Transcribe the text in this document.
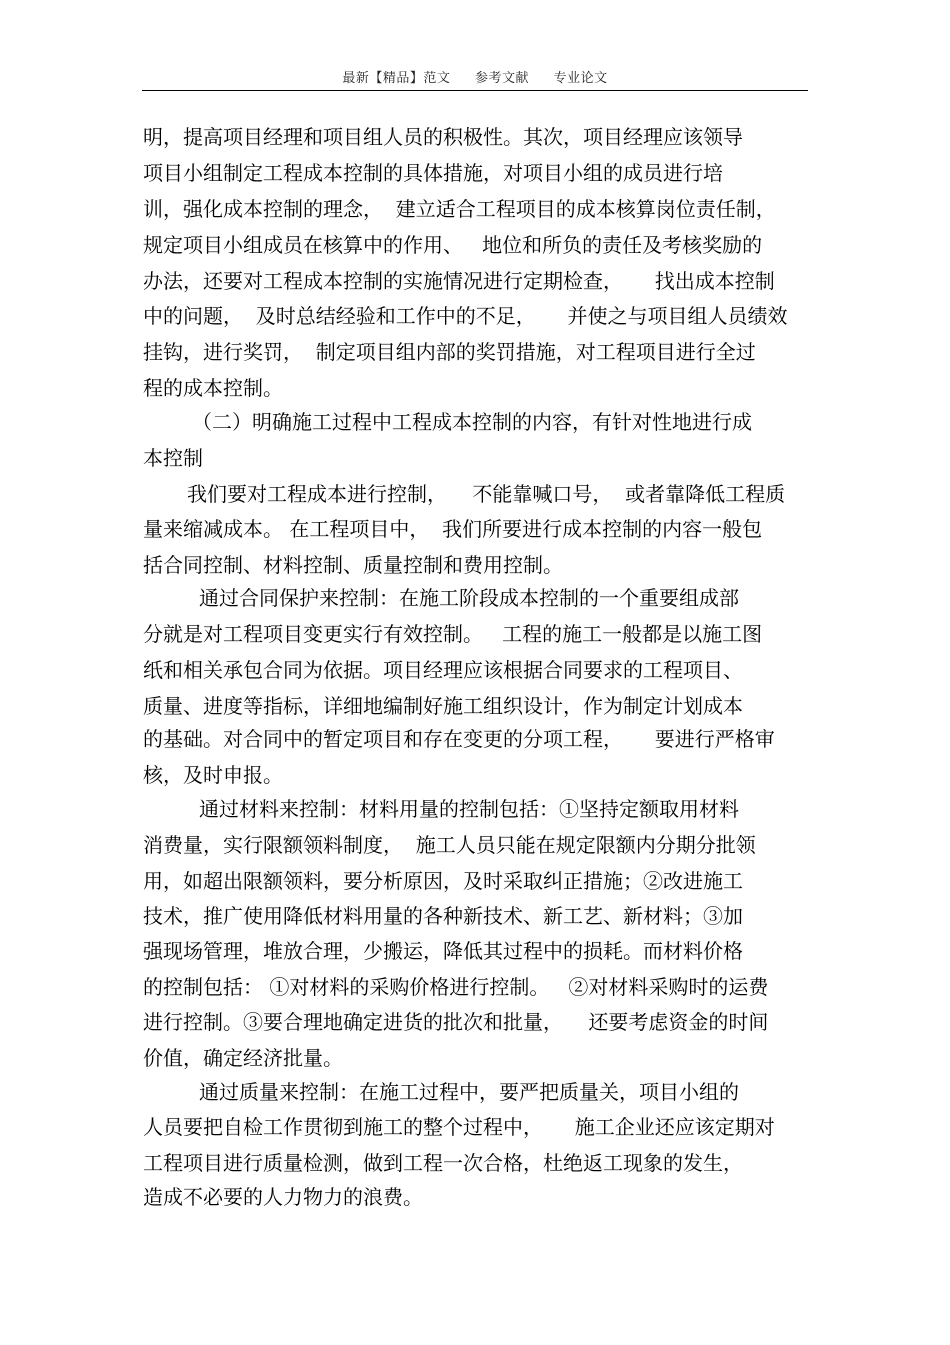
最新【精品】范文 参考文献 专业论文
明，提高项目经理和项目组人员的积极性。其次，项目经理应该领导
项目小组制定工程成本控制的具体措施，对项目小组的成员进行培
训，强化成本控制的理念，  建立适合工程项目的成本核算岗位责任制，
规定项目小组成员在核算中的作用、   地位和所负的责任及考核奖励的
办法，还要对工程成本控制的实施情况进行定期检查，     找出成本控制
中的问题，  及时总结经验和工作中的不足，     并使之与项目组人员绩效
挂钩，进行奖罚，  制定项目组内部的奖罚措施，对工程项目进行全过
程的成本控制。
（二）明确施工过程中工程成本控制的内容，有针对性地进行成
本控制
我们要对工程成本进行控制，    不能靠喊口号，  或者靠降低工程质
量来缩减成本。 在工程项目中，  我们所要进行成本控制的内容一般包
括合同控制、材料控制、质量控制和费用控制。
通过合同保护来控制：在施工阶段成本控制的一个重要组成部
分就是对工程项目变更实行有效控制。   工程的施工一般都是以施工图
纸和相关承包合同为依据。项目经理应该根据合同要求的工程项目、
质量、进度等指标，详细地编制好施工组织设计，作为制定计划成本
的基础。对合同中的暂定项目和存在变更的分项工程，     要进行严格审
核，及时申报。
通过材料来控制：材料用量的控制包括：①坚持定额取用材料
消费量，实行限额领料制度，  施工人员只能在规定限额内分期分批领
用，如超出限额领料，要分析原因，及时采取纠正措施；②改进施工
技术，推广使用降低材料用量的各种新技术、新工艺、新材料；③加
强现场管理，堆放合理，少搬运，降低其过程中的损耗。而材料价格
的控制包括： ①对材料的采购价格进行控制。   ②对材料采购时的运费
进行控制。③要合理地确定进货的批次和批量，    还要考虑资金的时间
价值，确定经济批量。
通过质量来控制：在施工过程中，要严把质量关，项目小组的
人员要把自检工作贯彻到施工的整个过程中，     施工企业还应该定期对
工程项目进行质量检测，做到工程一次合格，杜绝返工现象的发生，
造成不必要的人力物力的浪费。
